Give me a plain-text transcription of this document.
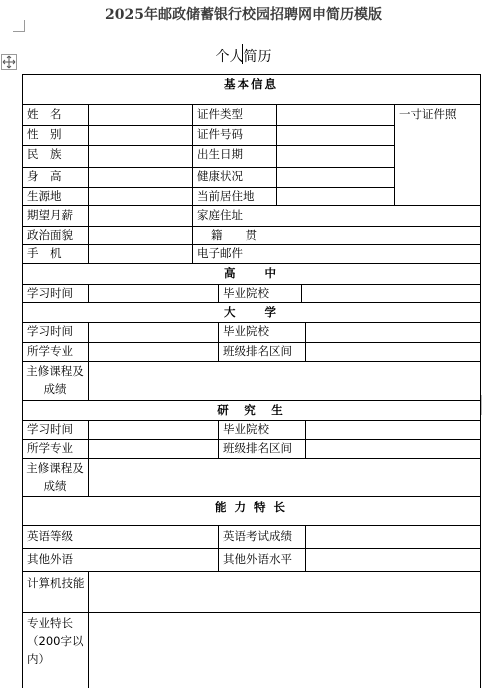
2025年邮政储蓄银行校园招聘网申简历模版
个人简历
基本信息
姓　名	证件类型	一寸证件照
性　别	证件号码
民　族	出生日期
身　高	健康状况
生源地	当前居住地
期望月薪	家庭住址
政治面貌	籍　　贯
手　机	电子邮件
高　　中
学习时间	毕业院校
大　　学
学习时间	毕业院校
所学专业	班级排名区间
主修课程及成绩
研　究　生
学习时间	毕业院校
所学专业	班级排名区间
主修课程及成绩
能 力 特 长
英语等级	英语考试成绩
其他外语	其他外语水平
计算机技能
专业特长（200字以内）
